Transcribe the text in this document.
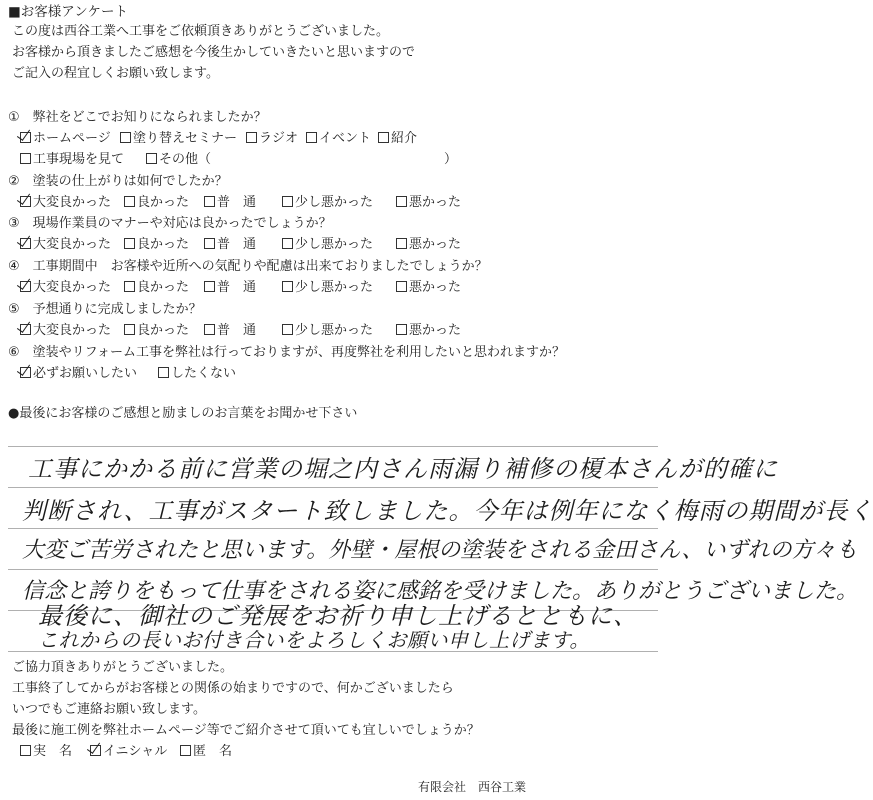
■お客様アンケート
この度は西谷工業へ工事をご依頼頂きありがとうございました。
お客様から頂きましたご感想を今後生かしていきたいと思いますので
ご記入の程宜しくお願い致します。
①　弊社をどこでお知りになられましたか？
ホームページ	塗り替えセミナー	ラジオ	イベント	紹介
工事現場を見て	その他（	）
②　塗装の仕上がりは如何でしたか？
大変良かった	良かった	普　通	少し悪かった	悪かった
③　現場作業員のマナーや対応は良かったでしょうか？
大変良かった	良かった	普　通	少し悪かった	悪かった
④　工事期間中　お客様や近所への気配りや配慮は出来ておりましたでしょうか？
大変良かった	良かった	普　通	少し悪かった	悪かった
⑤　予想通りに完成しましたか？
大変良かった	良かった	普　通	少し悪かった	悪かった
⑥　塗装やリフォーム工事を弊社は行っておりますが、再度弊社を利用したいと思われますか？
必ずお願いしたい	したくない
●最後にお客様のご感想と励ましのお言葉をお聞かせ下さい
工事にかかる前に営業の堀之内さん雨漏り補修の榎本さんが的確に
判断され、工事がスタート致しました。今年は例年になく梅雨の期間が長く
大変ご苦労されたと思います。外壁・屋根の塗装をされる金田さん、いずれの方々も
信念と誇りをもって仕事をされる姿に感銘を受けました。ありがとうございました。
最後に、御社のご発展をお祈り申し上げるとともに、
これからの長いお付き合いをよろしくお願い申し上げます。
ご協力頂きありがとうございました。
工事終了してからがお客様との関係の始まりですので、何かございましたら
いつでもご連絡お願い致します。
最後に施工例を弊社ホームページ等でご紹介させて頂いても宜しいでしょうか？
実　名	イニシャル	匿　名
有限会社　西谷工業
